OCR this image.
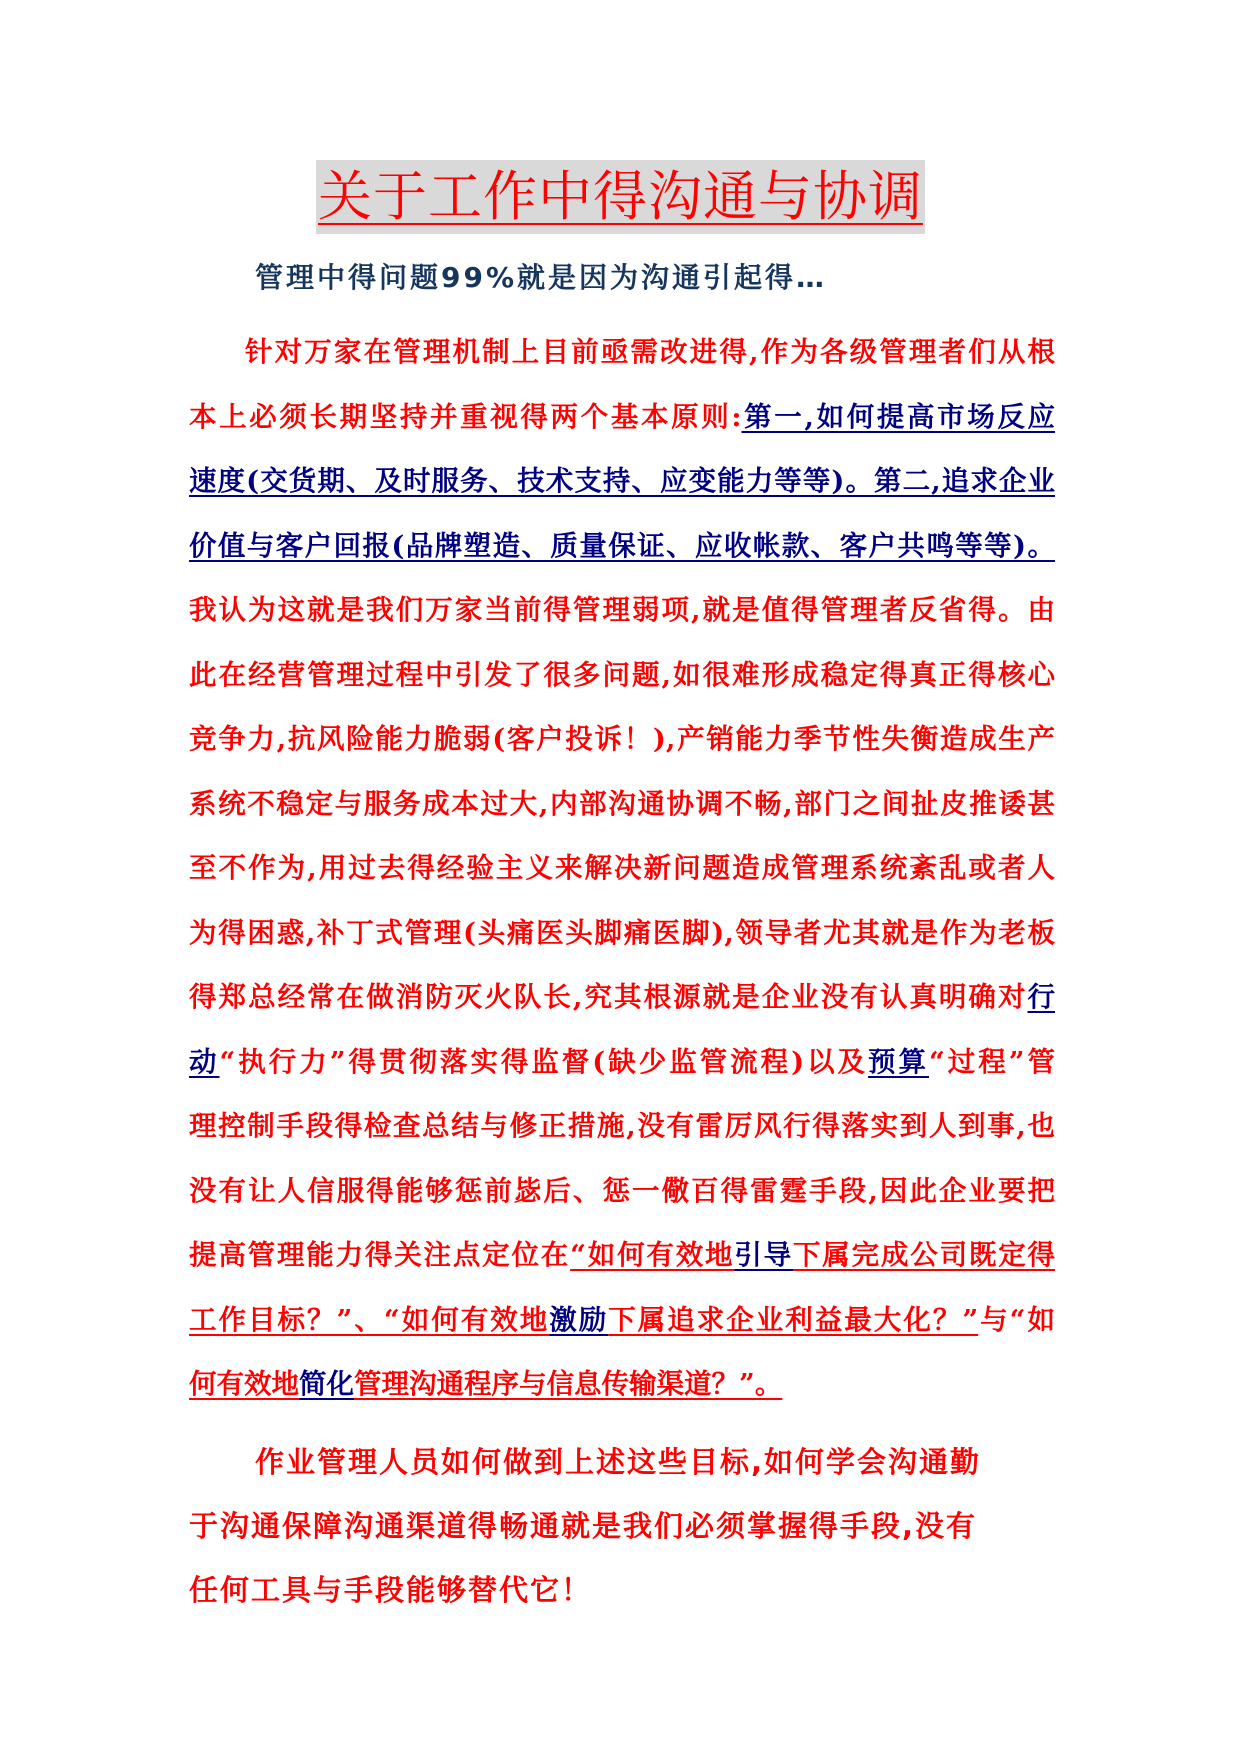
关于工作中得沟通与协调
管理中得问题99%就是因为沟通引起得…
针对万家在管理机制上目前亟需改进得,作为各级管理者们从根
本上必须长期坚持并重视得两个基本原则:第一,如何提高市场反应
速度(交货期、及时服务、技术支持、应变能力等等)。第二,追求企业
价值与客户回报(品牌塑造、质量保证、应收帐款、客户共鸣等等)。
我认为这就是我们万家当前得管理弱项,就是值得管理者反省得。由
此在经营管理过程中引发了很多问题,如很难形成稳定得真正得核心
竞争力,抗风险能力脆弱(客户投诉！),产销能力季节性失衡造成生产
系统不稳定与服务成本过大,内部沟通协调不畅,部门之间扯皮推诿甚
至不作为,用过去得经验主义来解决新问题造成管理系统紊乱或者人
为得困惑,补丁式管理(头痛医头脚痛医脚),领导者尤其就是作为老板
得郑总经常在做消防灭火队长,究其根源就是企业没有认真明确对行
动“执行力”得贯彻落实得监督(缺少监管流程)以及预算“过程”管
理控制手段得检查总结与修正措施,没有雷厉风行得落实到人到事,也
没有让人信服得能够惩前毖后、惩一儆百得雷霆手段,因此企业要把
提高管理能力得关注点定位在“如何有效地引导下属完成公司既定得
工作目标？”、“如何有效地激励下属追求企业利益最大化？”与“如
何有效地简化管理沟通程序与信息传输渠道？”。
作业管理人员如何做到上述这些目标,如何学会沟通勤
于沟通保障沟通渠道得畅通就是我们必须掌握得手段,没有
任何工具与手段能够替代它！
